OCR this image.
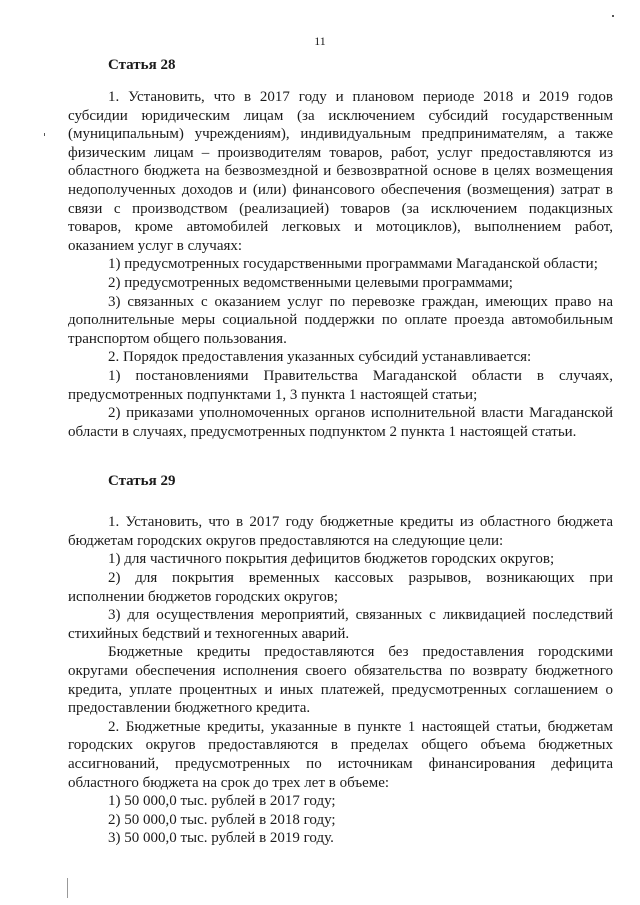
11
Статья 28

1. Установить, что в 2017 году и плановом периоде 2018 и 2019 годов субсидии юридическим лицам (за исключением субсидий государственным (муниципальным) учреждениям), индивидуальным предпринимателям, а также физическим лицам – производителям товаров, работ, услуг предоставляются из областного бюджета на безвозмездной и безвозвратной основе в целях возмещения недополученных доходов и (или) финансового обеспечения (возмещения) затрат в связи с производством (реализацией) товаров (за исключением подакцизных товаров, кроме автомобилей легковых и мотоциклов), выполнением работ, оказанием услуг в случаях:

1) предусмотренных государственными программами Магаданской области;

2) предусмотренных ведомственными целевыми программами;

3) связанных с оказанием услуг по перевозке граждан, имеющих право на дополнительные меры социальной поддержки по оплате проезда автомобильным транспортом общего пользования.

2. Порядок предоставления указанных субсидий устанавливается:

1) постановлениями Правительства Магаданской области в случаях, предусмотренных подпунктами 1, 3 пункта 1 настоящей статьи;

2) приказами уполномоченных органов исполнительной власти Магаданской области в случаях, предусмотренных подпунктом 2 пункта 1 настоящей статьи.

Статья 29

1. Установить, что в 2017 году бюджетные кредиты из областного бюджета бюджетам городских округов предоставляются на следующие цели:

1) для частичного покрытия дефицитов бюджетов городских округов;

2) для покрытия временных кассовых разрывов, возникающих при исполнении бюджетов городских округов;

3) для осуществления мероприятий, связанных с ликвидацией последствий стихийных бедствий и техногенных аварий.

Бюджетные кредиты предоставляются без предоставления городскими округами обеспечения исполнения своего обязательства по возврату бюджетного кредита, уплате процентных и иных платежей, предусмотренных соглашением о предоставлении бюджетного кредита.

2. Бюджетные кредиты, указанные в пункте 1 настоящей статьи, бюджетам городских округов предоставляются в пределах общего объема бюджетных ассигнований, предусмотренных по источникам финансирования дефицита областного бюджета на срок до трех лет в объеме:

1) 50 000,0 тыс. рублей в 2017 году;

2) 50 000,0 тыс. рублей в 2018 году;

3) 50 000,0 тыс. рублей в 2019 году.
